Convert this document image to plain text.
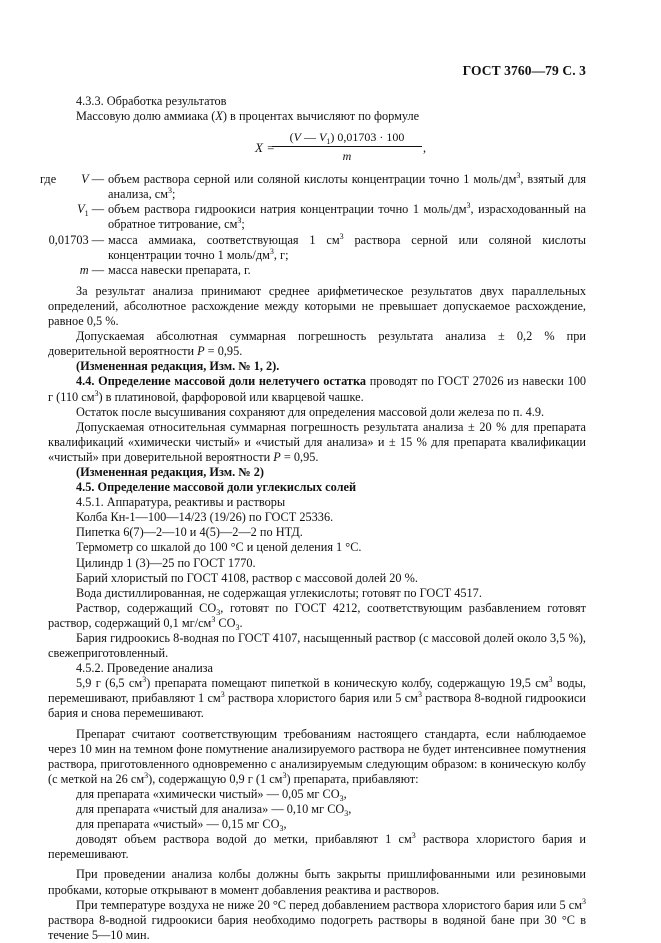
ГОСТ 3760—79 С. 3

4.3.3. Обработка результатов

Массовую долю аммиака (X) в процентах вычисляют по формуле

X =
$\frac{(V — V_1) 0,01703 \cdot 100}{m}$ ,
где V — объем раствора серной или соляной кислоты концентрации точно 1 моль/$дм^3$, взятый для анализа, $см^3$;
$V_1$ — объем раствора гидроокиси натрия концентрации точно 1 моль/$дм^3$, израсходованный на обратное титрование, $см^3$;
0,01703 — масса аммиака, соответствующая 1 $см^3$ раствора серной или соляной кислоты концентрации точно 1 моль/$дм^3$, г;
m — масса навески препарата, г.

За результат анализа принимают среднее арифметическое результатов двух параллельных определений, абсолютное расхождение между которыми не превышает допускаемое расхождение, равное 0,5 %.

Допускаемая абсолютная суммарная погрешность результата анализа ± 0,2 % при доверительной вероятности P = 0,95.

(Измененная редакция, Изм. № 1, 2).

4.4. Определение массовой доли нелетучего остатка проводят по ГОСТ 27026 из навески 100 г (110 $см^3$) в платиновой, фарфоровой или кварцевой чашке.

Остаток после высушивания сохраняют для определения массовой доли железа по п. 4.9.

Допускаемая относительная суммарная погрешность результата анализа ± 20 % для препарата квалификаций «химически чистый» и «чистый для анализа» и ± 15 % для препарата квалификации «чистый» при доверительной вероятности P = 0,95.

(Измененная редакция, Изм. № 2)

4.5. Определение массовой доли углекислых солей

4.5.1. Аппаратура, реактивы и растворы

Колба Кн-1—100—14/23 (19/26) по ГОСТ 25336.

Пипетка 6(7)—2—10 и 4(5)—2—2 по НТД.

Термометр со шкалой до 100 °С и ценой деления 1 °С.

Цилиндр 1 (3)—25 по ГОСТ 1770.

Барий хлористый по ГОСТ 4108, раствор с массовой долей 20 %.

Вода дистиллированная, не содержащая углекислоты; готовят по ГОСТ 4517.

Раствор, содержащий $СО_3$, готовят по ГОСТ 4212, соответствующим разбавлением готовят раствор, содержащий 0,1 $мг/см^3$ $СО_3$.

Бария гидроокись 8-водная по ГОСТ 4107, насыщенный раствор (с массовой долей около 3,5 %), свежеприготовленный.

4.5.2. Проведение анализа

5,9 г (6,5 $см^3$) препарата помещают пипеткой в коническую колбу, содержащую 19,5 $см^3$ воды, перемешивают, прибавляют 1 $см^3$ раствора хлористого бария или 5 $см^3$ раствора 8-водной гидроокиси бария и снова перемешивают.

Препарат считают соответствующим требованиям настоящего стандарта, если наблюдаемое через 10 мин на темном фоне помутнение анализируемого раствора не будет интенсивнее помутнения раствора, приготовленного одновременно с анализируемым следующим образом: в коническую колбу (с меткой на 26 $см^3$), содержащую 0,9 г (1 $см^3$) препарата, прибавляют:

для препарата «химически чистый» — 0,05 мг $СО_3$,

для препарата «чистый для анализа» — 0,10 мг $СО_3$,

для препарата «чистый» — 0,15 мг $СО_3$,

доводят объем раствора водой до метки, прибавляют 1 $см^3$ раствора хлористого бария и перемешивают.

При проведении анализа колбы должны быть закрыты пришлифованными или резиновыми пробками, которые открывают в момент добавления реактива и растворов.

При температуре воздуха не ниже 20 °С перед добавлением раствора хлористого бария или 5 $см^3$ раствора 8-водной гидроокиси бария необходимо подогреть растворы в водяной бане при 30 °С в течение 5—10 мин.
